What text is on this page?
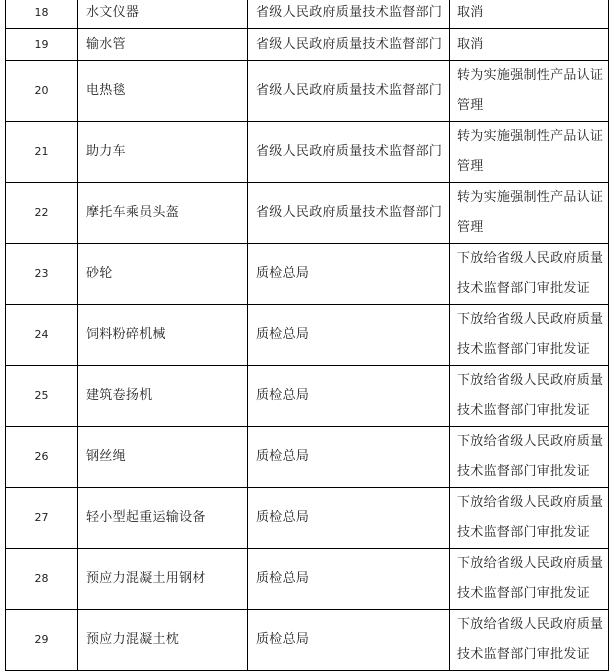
18	水文仪器	省级人民政府质量技术监督部门	取消
19	输水管	省级人民政府质量技术监督部门	取消
20	电热毯	省级人民政府质量技术监督部门	转为实施强制性产品认证管理
21	助力车	省级人民政府质量技术监督部门	转为实施强制性产品认证管理
22	摩托车乘员头盔	省级人民政府质量技术监督部门	转为实施强制性产品认证管理
23	砂轮	质检总局	下放给省级人民政府质量技术监督部门审批发证
24	饲料粉碎机械	质检总局	下放给省级人民政府质量技术监督部门审批发证
25	建筑卷扬机	质检总局	下放给省级人民政府质量技术监督部门审批发证
26	钢丝绳	质检总局	下放给省级人民政府质量技术监督部门审批发证
27	轻小型起重运输设备	质检总局	下放给省级人民政府质量技术监督部门审批发证
28	预应力混凝土用钢材	质检总局	下放给省级人民政府质量技术监督部门审批发证
29	预应力混凝土枕	质检总局	下放给省级人民政府质量技术监督部门审批发证
